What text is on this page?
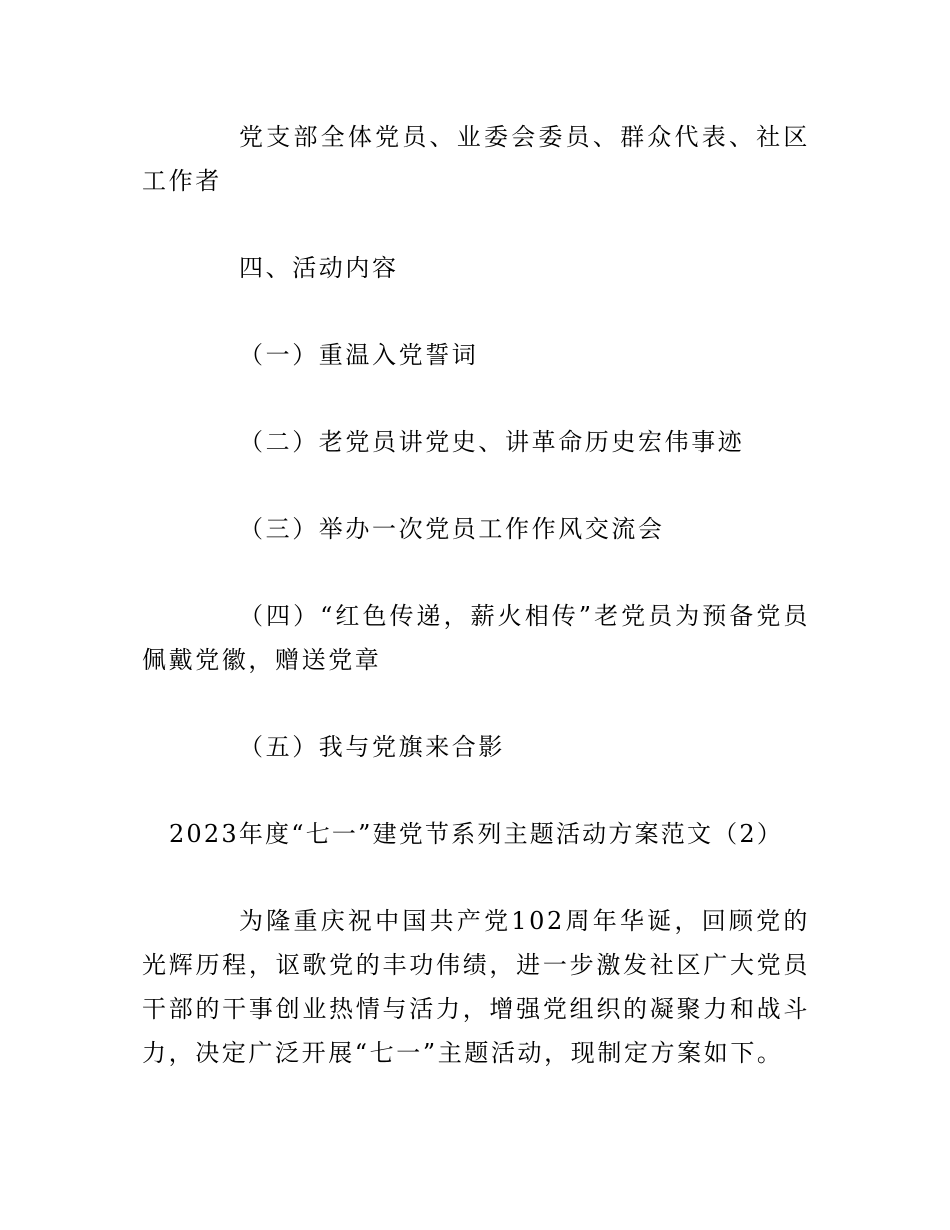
党支部全体党员、业委会委员、群众代表、社区工作者

四、活动内容

（一）重温入党誓词

（二）老党员讲党史、讲革命历史宏伟事迹

（三）举办一次党员工作作风交流会

（四）“红色传递，薪火相传”老党员为预备党员佩戴党徽，赠送党章

（五）我与党旗来合影

2023年度“七一”建党节系列主题活动方案范文（2）

为隆重庆祝中国共产党102周年华诞，回顾党的光辉历程，讴歌党的丰功伟绩，进一步激发社区广大党员干部的干事创业热情与活力，增强党组织的凝聚力和战斗力，决定广泛开展“七一”主题活动，现制定方案如下。
